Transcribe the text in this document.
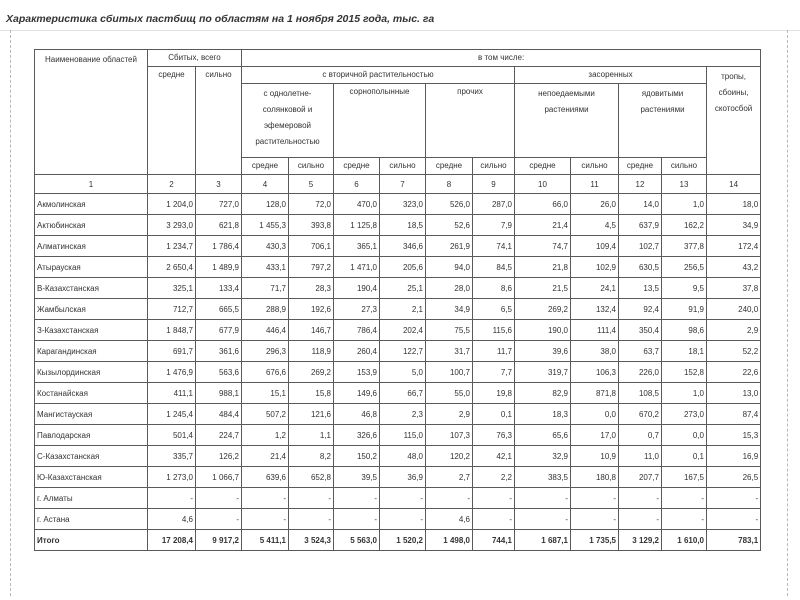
Характеристика сбитых пастбищ по областям на 1 ноября 2015 года, тыс. га
Наименование областей	Сбитых, всего		в том числе:										
	средне	сильно	с вторичной растительностью						засоренных				тропы, сбоины, скотосбой
			с однолетне-солянковой и эфемеровой растительностью		сорнополынные		прочих		непоедаемыми растениями		ядовитыми растениями		
			средне	сильно	средне	сильно	средне	сильно	средне	сильно	средне	сильно	
1	2	3	4	5	6	7	8	9	10	11	12	13	14
Акмолинская	1 204,0	727,0	128,0	72,0	470,0	323,0	526,0	287,0	66,0	26,0	14,0	1,0	18,0
Актюбинская	3 293,0	621,8	1 455,3	393,8	1 125,8	18,5	52,6	7,9	21,4	4,5	637,9	162,2	34,9
Алматинская	1 234,7	1 786,4	430,3	706,1	365,1	346,6	261,9	74,1	74,7	109,4	102,7	377,8	172,4
Атырауская	2 650,4	1 489,9	433,1	797,2	1 471,0	205,6	94,0	84,5	21,8	102,9	630,5	256,5	43,2
В-Казахстанская	325,1	133,4	71,7	28,3	190,4	25,1	28,0	8,6	21,5	24,1	13,5	9,5	37,8
Жамбылская	712,7	665,5	288,9	192,6	27,3	2,1	34,9	6,5	269,2	132,4	92,4	91,9	240,0
З-Казахстанская	1 848,7	677,9	446,4	146,7	786,4	202,4	75,5	115,6	190,0	111,4	350,4	98,6	2,9
Карагандинская	691,7	361,6	296,3	118,9	260,4	122,7	31,7	11,7	39,6	38,0	63,7	18,1	52,2
Кызылординская	1 476,9	563,6	676,6	269,2	153,9	5,0	100,7	7,7	319,7	106,3	226,0	152,8	22,6
Костанайская	411,1	988,1	15,1	15,8	149,6	66,7	55,0	19,8	82,9	871,8	108,5	1,0	13,0
Мангистауская	1 245,4	484,4	507,2	121,6	46,8	2,3	2,9	0,1	18,3	0,0	670,2	273,0	87,4
Павлодарская	501,4	224,7	1,2	1,1	326,6	115,0	107,3	76,3	65,6	17,0	0,7	0,0	15,3
С-Казахстанская	335,7	126,2	21,4	8,2	150,2	48,0	120,2	42,1	32,9	10,9	11,0	0,1	16,9
Ю-Казахстанская	1 273,0	1 066,7	639,6	652,8	39,5	36,9	2,7	2,2	383,5	180,8	207,7	167,5	26,5
г. Алматы	-	-	-	-	-	-	-	-	-	-	-	-	-
г. Астана	4,6	-	-	-	-	-	4,6	-	-	-	-	-	-
Итого	17 208,4	9 917,2	5 411,1	3 524,3	5 563,0	1 520,2	1 498,0	744,1	1 687,1	1 735,5	3 129,2	1 610,0	783,1
